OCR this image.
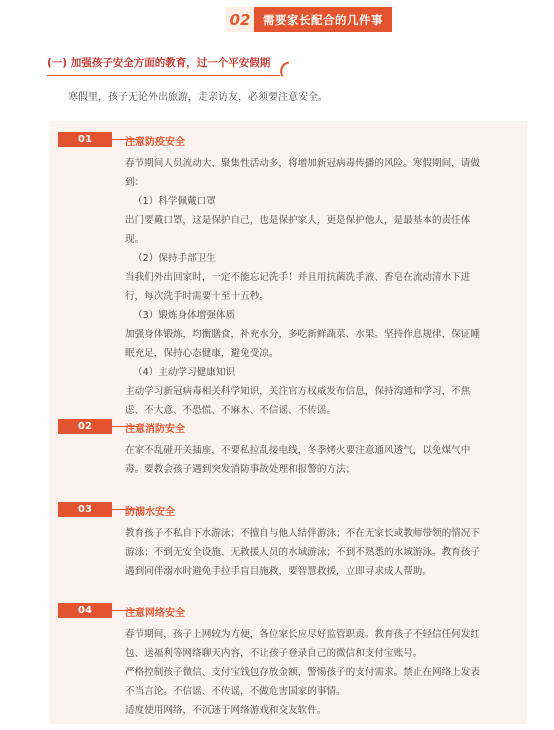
02	需要家长配合的几件事
(一) 加强孩子安全方面的教育，过一个平安假期
寒假里，孩子无论外出旅游，走亲访友，必须要注意安全。
01	注意防疫安全

春节期间人员流动大、聚集性活动多，将增加新冠病毒传播的风险。寒假期间，请做

到：

（1）科学佩戴口罩

出门要戴口罩，这是保护自己，也是保护家人，更是保护他人，是最基本的责任体

现。

（2）保持手部卫生

当我们外出回家时，一定不能忘记洗手！并且用抗菌洗手液、香皂在流动清水下进

行，每次洗手时需要十至十五秒。

（3）锻炼身体增强体质

加强身体锻炼，均衡膳食，补充水分，多吃新鲜蔬菜、水果。坚持作息规律，保证睡

眠充足，保持心态健康，避免受凉。

（4）主动学习健康知识

主动学习新冠病毒相关科学知识，关注官方权威发布信息，保持沟通和学习，不焦

虑、不大意、不恐慌、不麻木、不信谣、不传谣。

02	注意消防安全

在家不乱碰开关插座，不要私拉乱接电线，冬季烤火要注意通风透气，以免煤气中

毒。要教会孩子遇到突发消防事故处理和报警的方法；

03	防溺水安全

教育孩子不私自下水游泳；不擅自与他人结伴游泳；不在无家长或教师带领的情况下

游泳；不到无安全设施、无救援人员的水域游泳；不到不熟悉的水域游泳。教育孩子

遇到同伴溺水时避免手拉手盲目施救，要智慧救援，立即寻求成人帮助。

04	注意网络安全

春节期间，孩子上网较为方便，各位家长应尽好监管职责。教育孩子不轻信任何发红

包、送福利等网络聊天内容，不让孩子登录自己的微信和支付宝账号。

严格控制孩子微信、支付宝钱包存放金额，警惕孩子的支付需求。禁止在网络上发表

不当言论。不信谣、不传谣，不做危害国家的事情。

适度使用网络，不沉迷于网络游戏和交友软件。
